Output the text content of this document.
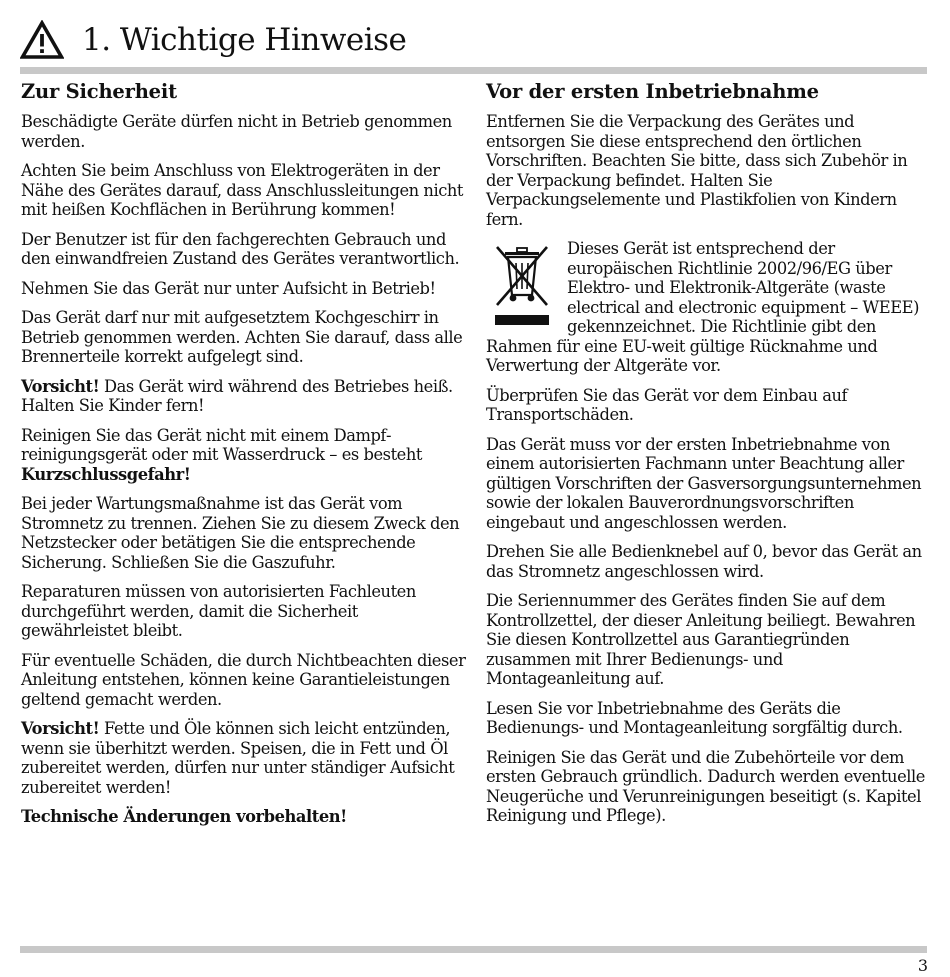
1. Wichtige Hinweise
Zur Sicherheit

Beschädigte Geräte dürfen nicht in Betrieb genommen werden.

Achten Sie beim Anschluss von Elektrogeräten in der Nähe des Gerätes darauf, dass Anschlussleitungen nicht mit heißen Kochflächen in Berührung kommen!

Der Benutzer ist für den fachgerechten Gebrauch und den einwandfreien Zustand des Gerätes verantwortlich.

Nehmen Sie das Gerät nur unter Aufsicht in Betrieb!

Das Gerät darf nur mit aufgesetztem Kochgeschirr in Betrieb genommen werden. Achten Sie darauf, dass alle Brennerteile korrekt aufgelegt sind.

Vorsicht! Das Gerät wird während des Betriebes heiß. Halten Sie Kinder fern!

Reinigen Sie das Gerät nicht mit einem Dampfreinigungsgerät oder mit Wasserdruck – es besteht Kurzschlussgefahr!

Bei jeder Wartungsmaßnahme ist das Gerät vom Stromnetz zu trennen. Ziehen Sie zu diesem Zweck den Netzstecker oder betätigen Sie die entsprechende Sicherung. Schließen Sie die Gaszufuhr.

Reparaturen müssen von autorisierten Fachleuten durchgeführt werden, damit die Sicherheit gewährleistet bleibt.

Für eventuelle Schäden, die durch Nichtbeachten dieser Anleitung entstehen, können keine Garantieleistungen geltend gemacht werden.

Vorsicht! Fette und Öle können sich leicht entzünden, wenn sie überhitzt werden. Speisen, die in Fett und Öl zubereitet werden, dürfen nur unter ständiger Aufsicht zubereitet werden!

Technische Änderungen vorbehalten!

Vor der ersten Inbetriebnahme

Entfernen Sie die Verpackung des Gerätes und entsorgen Sie diese entsprechend den örtlichen Vorschriften. Beachten Sie bitte, dass sich Zubehör in der Verpackung befindet. Halten Sie Verpackungselemente und Plastikfolien von Kindern fern.

Dieses Gerät ist entsprechend der europäischen Richtlinie 2002/96/EG über Elektro- und Elektronik-Altgeräte (waste electrical and electronic equipment – WEEE) gekennzeichnet. Die Richtlinie gibt den Rahmen für eine EU-weit gültige Rücknahme und Verwertung der Altgeräte vor.

Überprüfen Sie das Gerät vor dem Einbau auf Transportschäden.

Das Gerät muss vor der ersten Inbetriebnahme von einem autorisierten Fachmann unter Beachtung aller gültigen Vorschriften der Gasversorgungsunternehmen sowie der lokalen Bauverordnungsvorschriften eingebaut und angeschlossen werden.

Drehen Sie alle Bedienknebel auf 0, bevor das Gerät an das Stromnetz angeschlossen wird.

Die Seriennummer des Gerätes finden Sie auf dem Kontrollzettel, der dieser Anleitung beiliegt. Bewahren Sie diesen Kontrollzettel aus Garantiegründen zusammen mit Ihrer Bedienungs- und Montageanleitung auf.

Lesen Sie vor Inbetriebnahme des Geräts die Bedienungs- und Montageanleitung sorgfältig durch.

Reinigen Sie das Gerät und die Zubehörteile vor dem ersten Gebrauch gründlich. Dadurch werden eventuelle Neugerüche und Verunreinigungen beseitigt (s. Kapitel Reinigung und Pflege).

3
